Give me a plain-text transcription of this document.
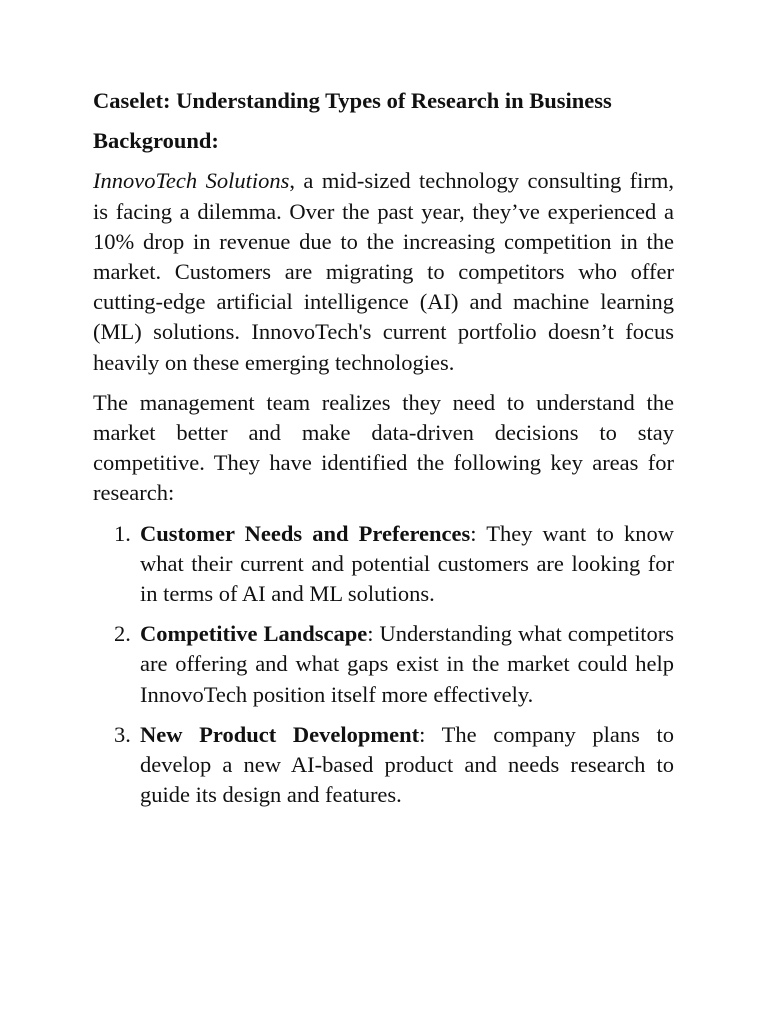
Caselet: Understanding Types of Research in Business

Background:

InnovoTech Solutions, a mid-sized technology consulting firm, is facing a dilemma. Over the past year, they’ve experienced a 10% drop in revenue due to the increasing competition in the market. Customers are migrating to competitors who offer cutting-edge artificial intelligence (AI) and machine learning (ML) solutions. InnovoTech's current portfolio doesn’t focus heavily on these emerging technologies.

The management team realizes they need to understand the market better and make data-driven decisions to stay competitive. They have identified the following key areas for research:

1. Customer Needs and Preferences: They want to know what their current and potential customers are looking for in terms of AI and ML solutions.
2. Competitive Landscape: Understanding what competitors are offering and what gaps exist in the market could help InnovoTech position itself more effectively.
3. New Product Development: The company plans to develop a new AI-based product and needs research to guide its design and features.
